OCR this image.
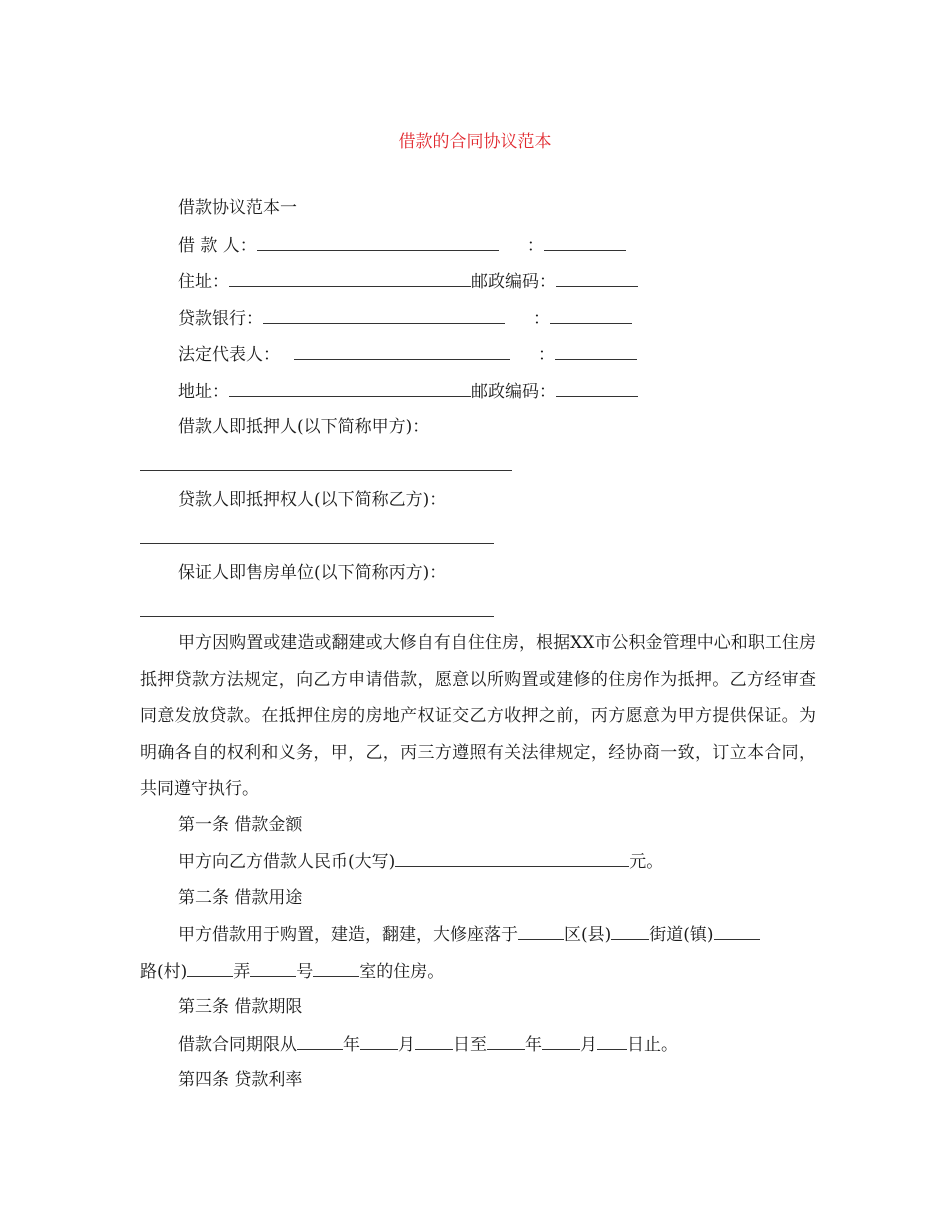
借款的合同协议范本
借款协议范本一
借 款 人：	：
住址：	邮政编码：
贷款银行：	：
法定代表人：	：
地址：	邮政编码：
借款人即抵押人(以下简称甲方)：
贷款人即抵押权人(以下简称乙方)：
保证人即售房单位(以下简称丙方)：
甲方因购置或建造或翻建或大修自有自住住房，根据XX市公积金管理中心和职工住房抵押贷款方法规定，向乙方申请借款，愿意以所购置或建修的住房作为抵押。乙方经审查同意发放贷款。在抵押住房的房地产权证交乙方收押之前，丙方愿意为甲方提供保证。为明确各自的权利和义务，甲，乙，丙三方遵照有关法律规定，经协商一致，订立本合同，共同遵守执行。
第一条 借款金额
甲方向乙方借款人民币(大写)	元。
第二条 借款用途
甲方借款用于购置，建造，翻建，大修座落于	区(县) 街道(镇)
路(村)	弄	号	室的住房。
第三条 借款期限
借款合同期限从	年 月 日至 年 月 日止。
第四条 贷款利率
